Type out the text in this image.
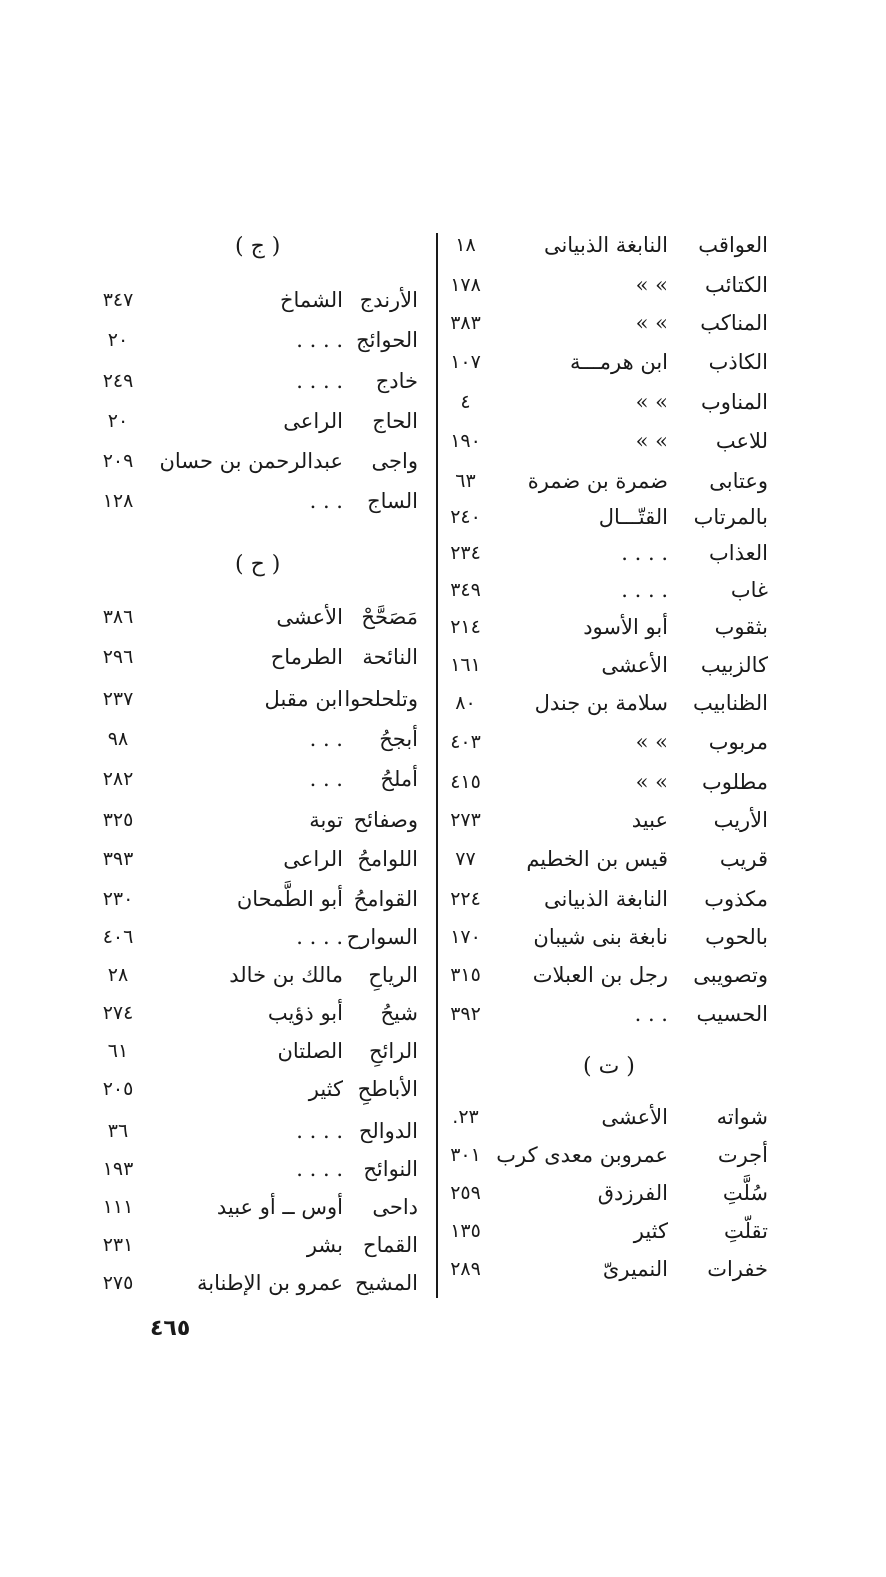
العواقب
النابغة الذبيانى
١٨
الكتائب
» »
١٧٨
المناكب
» »
٣٨٣
الكاذب
ابن هرمـــة
١٠٧
المناوب
» »
٤
للاعب
» »
١٩٠
وعتابى
ضمرة بن ضمرة
٦٣
بالمرتاب
القتّـــال
٢٤٠
العذاب
. . . .
٢٣٤
غاب
. . . .
٣٤٩
بثقوب
أبو الأسود
٢١٤
كالزبيب
الأعشى
١٦١
الظنابيب
سلامة بن جندل
٨٠
مربوب
» »
٤٠٣
مطلوب
» »
٤١٥
الأريب
عبيد
٢٧٣
قريب
قيس بن الخطيم
٧٧
مكذوب
النابغة الذبيانى
٢٢٤
بالحوب
نابغة بنى شيبان
١٧٠
وتصويبى
رجل بن العبلات
٣١٥
الحسيب
. . .
٣٩٢
( ت )
شواته
الأعشى
٢٣.
أجرت
عمروبن معدى كرب
٣٠١
سُلَّتِ
الفرزدق
٢٥٩
تقلّتِ
كثير
١٣٥
خفرات
النميرىّ
٢٨٩
( ج )
الأرندج
الشماخ
٣٤٧
الحوائج
. . . .
٢٠
خادج
. . . .
٢٤٩
الحاج
الراعى
٢٠
واجى
عبدالرحمن بن حسان
٢٠٩
الساج
. . .
١٢٨
( ح )
مَصَحَّحْ
الأعشى
٣٨٦
النائحة
الطرماح
٢٩٦
وتلحلحوا
ابن مقبل
٢٣٧
أبجحُ
. . .
٩٨
أملحُ
. . .
٢٨٢
وصفائح
توبة
٣٢٥
اللوامحُ
الراعى
٣٩٣
القوامحُ
أبو الطَّمحان
٢٣٠
السوارح
. . . .
٤٠٦
الرياحِ
مالك بن خالد
٢٨
شيحُ
أبو ذؤيب
٢٧٤
الرائحِ
الصلتان
٦١
الأباطحِ
كثير
٢٠٥
الدوالح
. . . .
٣٦
النوائح
. . . .
١٩٣
داحى
أوس ــ أو عبيد
١١١
القماح
بشر
٢٣١
المشيح
عمرو بن الإطنابة
٢٧٥
٤٦٥
